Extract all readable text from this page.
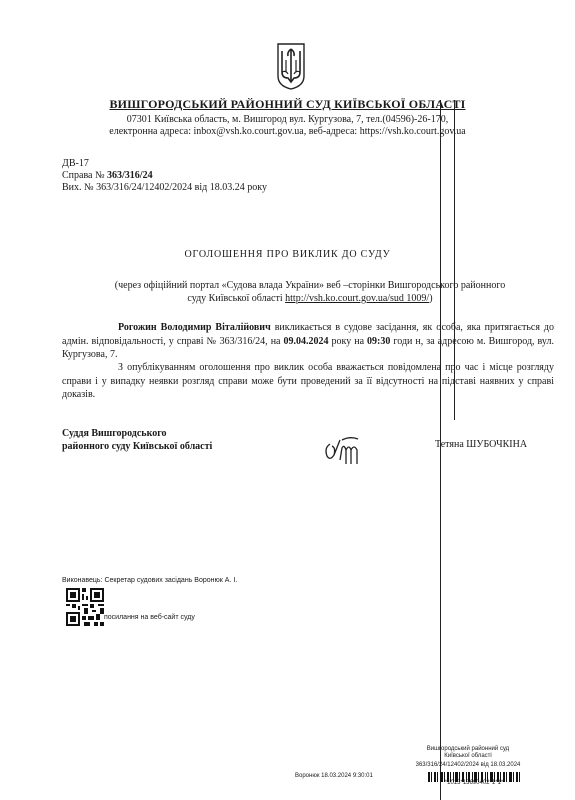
ВИШГОРОДСЬКИЙ РАЙОННИЙ СУД КИЇВСЬКОЇ ОБЛАСТІ
07301 Київська область, м. Вишгород вул. Кургузова, 7, тел.(04596)-26-170,
електронна адреса: inbox@vsh.ko.court.gov.ua, веб-адреса: https://vsh.ko.court.gov.ua
ДВ-17
Справа № 363/316/24
Вих. № 363/316/24/12402/2024 від 18.03.24 року
ОГОЛОШЕННЯ ПРО ВИКЛИК ДО СУДУ
(через офіційний портал «Судова влада України» веб –сторінки Вишгородського районного
суду Київської області http://vsh.ko.court.gov.ua/sud 1009/)
Рогожин Володимир Віталійович викликається в судове засідання, як особа, яка притягається до адмін. відповідальності, у справі № 363/316/24, на 09.04.2024 року на 09:30 годи н, за адресою м. Вишгород, вул. Кургузова, 7.
З опублікуванням оголошення про виклик особа вважається повідомлена про час і місце розгляду справи і у випадку неявки розгляд справи може бути проведений за її відсутності на підставі наявних у справі доказів.
Суддя Вишгородського
районного суду Київської області	Тетяна ШУБОЧКІНА
Виконавець: Секретар судових засідань Воронюк А. І.
посилання на веб-сайт суду
Вишгородський районний суд
Київської області
363/316/24/12402/2024 від 18.03.2024
Воронюк 18.03.2024 9:30:01
*1013*13690402*1*1*
